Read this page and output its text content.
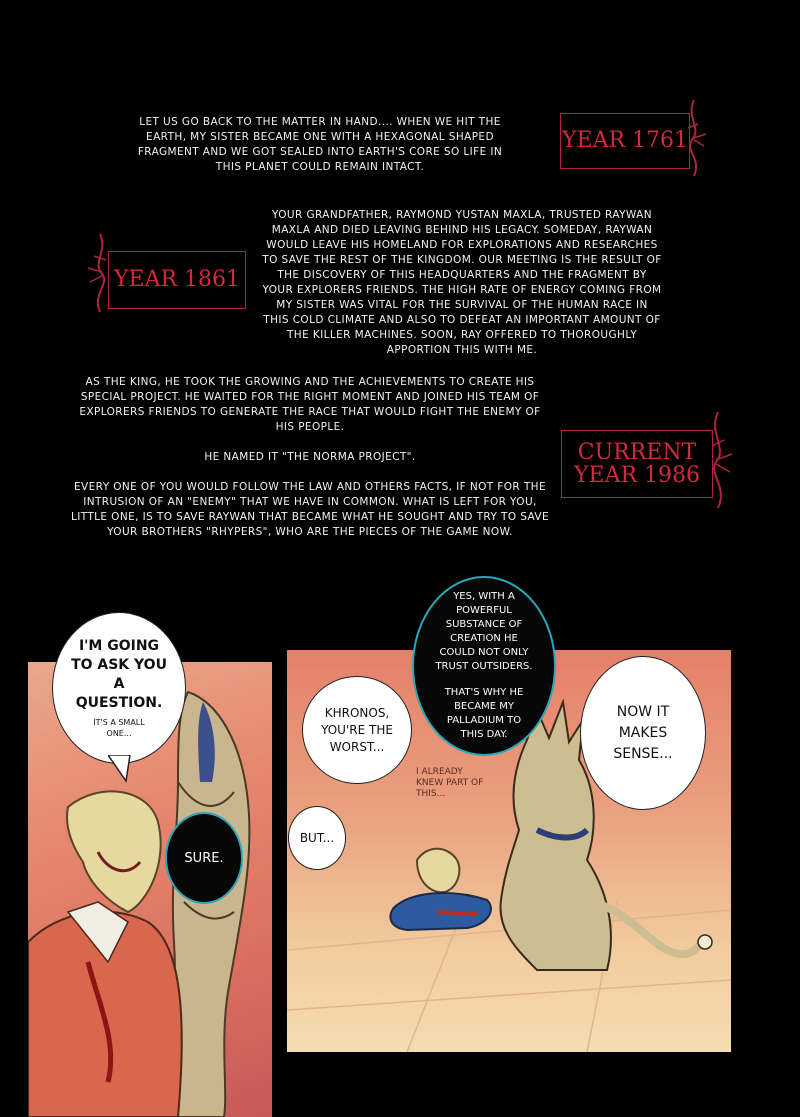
LET US GO BACK TO THE MATTER IN HAND.... WHEN WE HIT THE EARTH, MY SISTER BECAME ONE WITH A HEXAGONAL SHAPED FRAGMENT AND WE GOT SEALED INTO EARTH'S CORE SO LIFE IN THIS PLANET COULD REMAIN INTACT.
YOUR GRANDFATHER, RAYMOND YUSTAN MAXLA, TRUSTED RAYWAN MAXLA AND DIED LEAVING BEHIND HIS LEGACY. SOMEDAY, RAYWAN WOULD LEAVE HIS HOMELAND FOR EXPLORATIONS AND RESEARCHES TO SAVE THE REST OF THE KINGDOM. OUR MEETING IS THE RESULT OF THE DISCOVERY OF THIS HEADQUARTERS AND THE FRAGMENT BY YOUR EXPLORERS FRIENDS. THE HIGH RATE OF ENERGY COMING FROM MY SISTER WAS VITAL FOR THE SURVIVAL OF THE HUMAN RACE IN THIS COLD CLIMATE AND ALSO TO DEFEAT AN IMPORTANT AMOUNT OF THE KILLER MACHINES. SOON, RAY OFFERED TO THOROUGHLY APPORTION THIS WITH ME.

AS THE KING, HE TOOK THE GROWING AND THE ACHIEVEMENTS TO CREATE HIS SPECIAL PROJECT. HE WAITED FOR THE RIGHT MOMENT AND JOINED HIS TEAM OF EXPLORERS FRIENDS TO GENERATE THE RACE THAT WOULD FIGHT THE ENEMY OF HIS PEOPLE.

HE NAMED IT "THE NORMA PROJECT".

EVERY ONE OF YOU WOULD FOLLOW THE LAW AND OTHERS FACTS, IF NOT FOR THE INTRUSION OF AN "ENEMY" THAT WE HAVE IN COMMON. WHAT IS LEFT FOR YOU, LITTLE ONE, IS TO SAVE RAYWAN THAT BECAME WHAT HE SOUGHT AND TRY TO SAVE YOUR BROTHERS "RHYPERS", WHO ARE THE PIECES OF THE GAME NOW.

YEAR 1761
YEAR 1861
CURRENT
YEAR 1986
I'M GOING TO ASK YOU A QUESTION.
IT'S A SMALL ONE...
SURE.
KHRONOS, YOU'RE THE WORST...
BUT...
YES, WITH A POWERFUL SUBSTANCE OF CREATION HE COULD NOT ONLY TRUST OUTSIDERS.
THAT'S WHY HE BECAME MY PALLADIUM TO THIS DAY.
I ALREADY KNEW PART OF THIS...
NOW IT MAKES SENSE...
